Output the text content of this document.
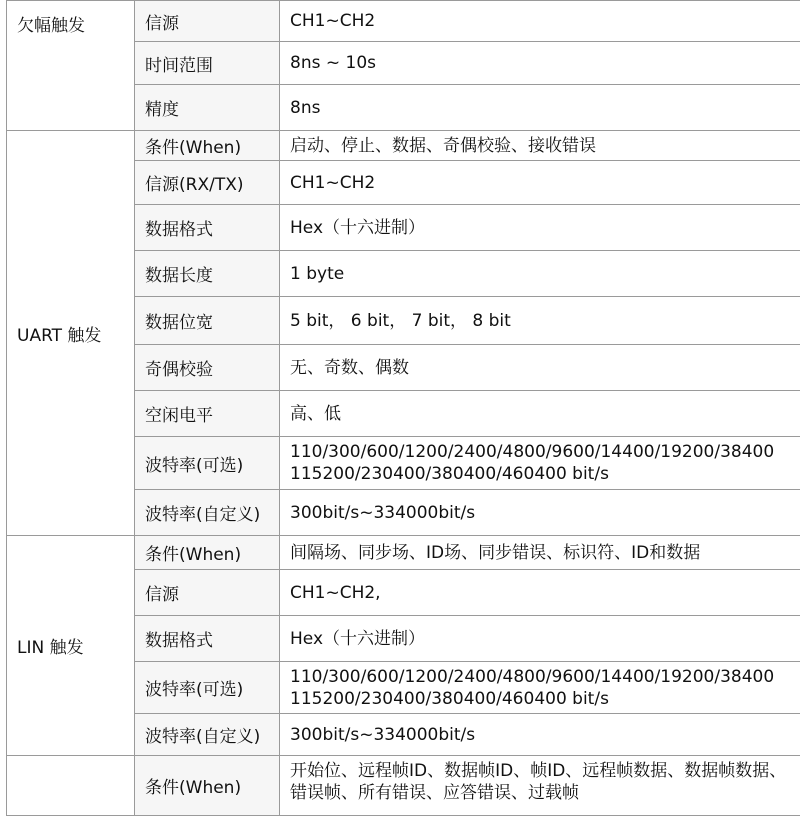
欠幅触发	信源	CH1~CH2
	时间范围	8ns ~ 10s
	精度	8ns
UART 触发	条件(When)	启动、停止、数据、奇偶校验、接收错误
	信源(RX/TX)	CH1~CH2
	数据格式	Hex（十六进制）
	数据长度	1 byte
	数据位宽	5 bit， 6 bit， 7 bit， 8 bit
	奇偶校验	无、奇数、偶数
	空闲电平	高、低
	波特率(可选)	110/300/600/1200/2400/4800/9600/14400/19200/38400
115200/230400/380400/460400 bit/s

	波特率(自定义)	300bit/s~334000bit/s
LIN 触发	条件(When)	间隔场、同步场、ID场、同步错误、标识符、ID和数据
	信源	CH1~CH2,
	数据格式	Hex（十六进制）
	波特率(可选)	110/300/600/1200/2400/4800/9600/14400/19200/38400
115200/230400/380400/460400 bit/s

	波特率(自定义)	300bit/s~334000bit/s
	条件(When)	开始位、远程帧ID、数据帧ID、帧ID、远程帧数据、数据帧数据、
错误帧、所有错误、应答错误、过载帧
